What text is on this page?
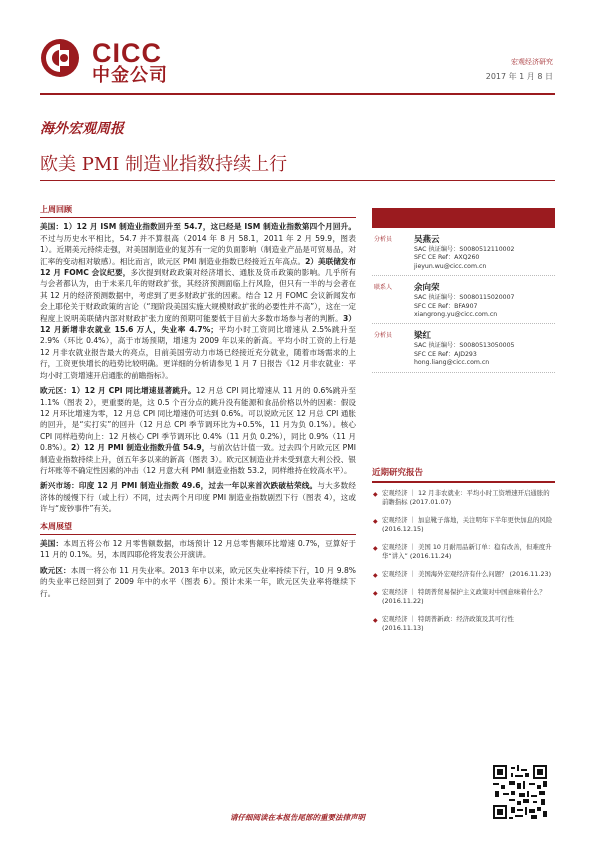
CICC
中金公司
宏观经济研究
2017 年 1 月 8 日
海外宏观周报
欧美 PMI 制造业指数持续上行
上周回顾

美国：1）12 月 ISM 制造业指数回升至 54.7，这已经是 ISM 制造业指数第四个月回升。不过与历史水平相比，54.7 并不算很高（2014 年 8 月 58.1，2011 年 2 月 59.9，图表 1）。近期美元持续走强，对美国制造业的复苏有一定的负面影响（制造业产品是可贸易品，对汇率的变动相对敏感）。相比而言，欧元区 PMI 制造业指数已经接近五年高点。2）美联储发布 12 月 FOMC 会议纪要，多次提到财政政策对经济增长、通胀及货币政策的影响。几乎所有与会者都认为，由于未来几年的财政扩张，其经济预测面临上行风险，但只有一半的与会者在其 12 月的经济预测数据中，考虑到了更多财政扩张的因素。结合 12 月 FOMC 会议新闻发布会上耶伦关于财政政策的言论（“现阶段美国实施大规模财政扩张的必要性并不高”），这在一定程度上说明美联储内部对财政扩张力度的预期可能要低于目前大多数市场参与者的判断。3）12 月新增非农就业 15.6 万人，失业率 4.7%；平均小时工资同比增速从 2.5%跳升至 2.9%（环比 0.4%），高于市场预期，增速为 2009 年以来的新高。平均小时工资的上行是 12 月非农就业报告最大的亮点，目前美国劳动力市场已经接近充分就业，随着市场需求的上行，工资更快增长的趋势比较明确。更详细的分析请参见 1 月 7 日报告《12 月非农就业：平均小时工资增速开启通胀的前瞻指标》。

欧元区：1）12 月 CPI 同比增速显著跳升。12 月总 CPI 同比增速从 11 月的 0.6%跳升至 1.1%（图表 2），更重要的是，这 0.5 个百分点的跳升没有能源和食品价格以外的因素：假设 12 月环比增速为零，12 月总 CPI 同比增速仍可达到 0.6%。可以说欧元区 12 月总 CPI 通胀的回升，是“实打实”的回升（12 月总 CPI 季节调环比为+0.5%，11 月为负 0.1%）。核心 CPI 同样趋势向上：12 月核心 CPI 季节调环比 0.4%（11 月负 0.2%），同比 0.9%（11 月 0.8%）。2）12 月 PMI 制造业指数升值 54.9，与前次估计值一致。过去四个月欧元区 PMI 制造业指数持续上升，创五年多以来的新高（图表 3）。欧元区制造业并未受到意大利公投、银行坏账等不确定性因素的冲击（12 月意大利 PMI 制造业指数 53.2，同样维持在较高水平）。

新兴市场：印度 12 月 PMI 制造业指数 49.6，过去一年以来首次跌破枯荣线。与大多数经济体的缓慢下行（或上行）不同，过去两个月印度 PMI 制造业指数剧烈下行（图表 4），这或许与“废钞事件”有关。

本周展望

美国：本周五将公布 12 月零售额数据，市场预计 12 月总零售额环比增速 0.7%，豆算好于 11 月的 0.1%。另，本周四耶伦将发表公开演讲。

欧元区：本周一将公布 11 月失业率。2013 年中以来，欧元区失业率持续下行，10 月 9.8%的失业率已经回到了 2009 年中的水平（图表 6）。预计未来一年，欧元区失业率将继续下行。

分析员	吴燕云
SAC 执证编号：S0080512110002
SFC CE Ref：AXQ260
jieyun.wu@cicc.com.cn
联系人	余向荣
SAC 执证编号：S0080115020007
SFC CE Ref：BFA907
xiangrong.yu@cicc.com.cn
分析员	梁红
SAC 执证编号：S0080513050005
SFC CE Ref：AJD293
hong.liang@cicc.com.cn
近期研究报告
◆ 宏观经济 ｜ 12 月非农就业：平均小时工资增速开启通胀的前瞻指标 (2017.01.07)
◆ 宏观经济 ｜ 加息靴子落地，关注明年下半年更快加息的风险 (2016.12.15)
◆ 宏观经济 ｜ 美国 10 月耐用品新订单：稳有改善，但难度升华“讲入” (2016.11.24)
◆ 宏观经济 ｜ 美国海外宏观经济有什么问题？ (2016.11.23)
◆ 宏观经济 ｜ 特朗普贸易保护主义政策对中国意味着什么？ (2016.11.22)
◆ 宏观经济 ｜ 特朗普新政：经济政策及其可行性 (2016.11.13)
请仔细阅读在本报告尾部的重要法律声明
